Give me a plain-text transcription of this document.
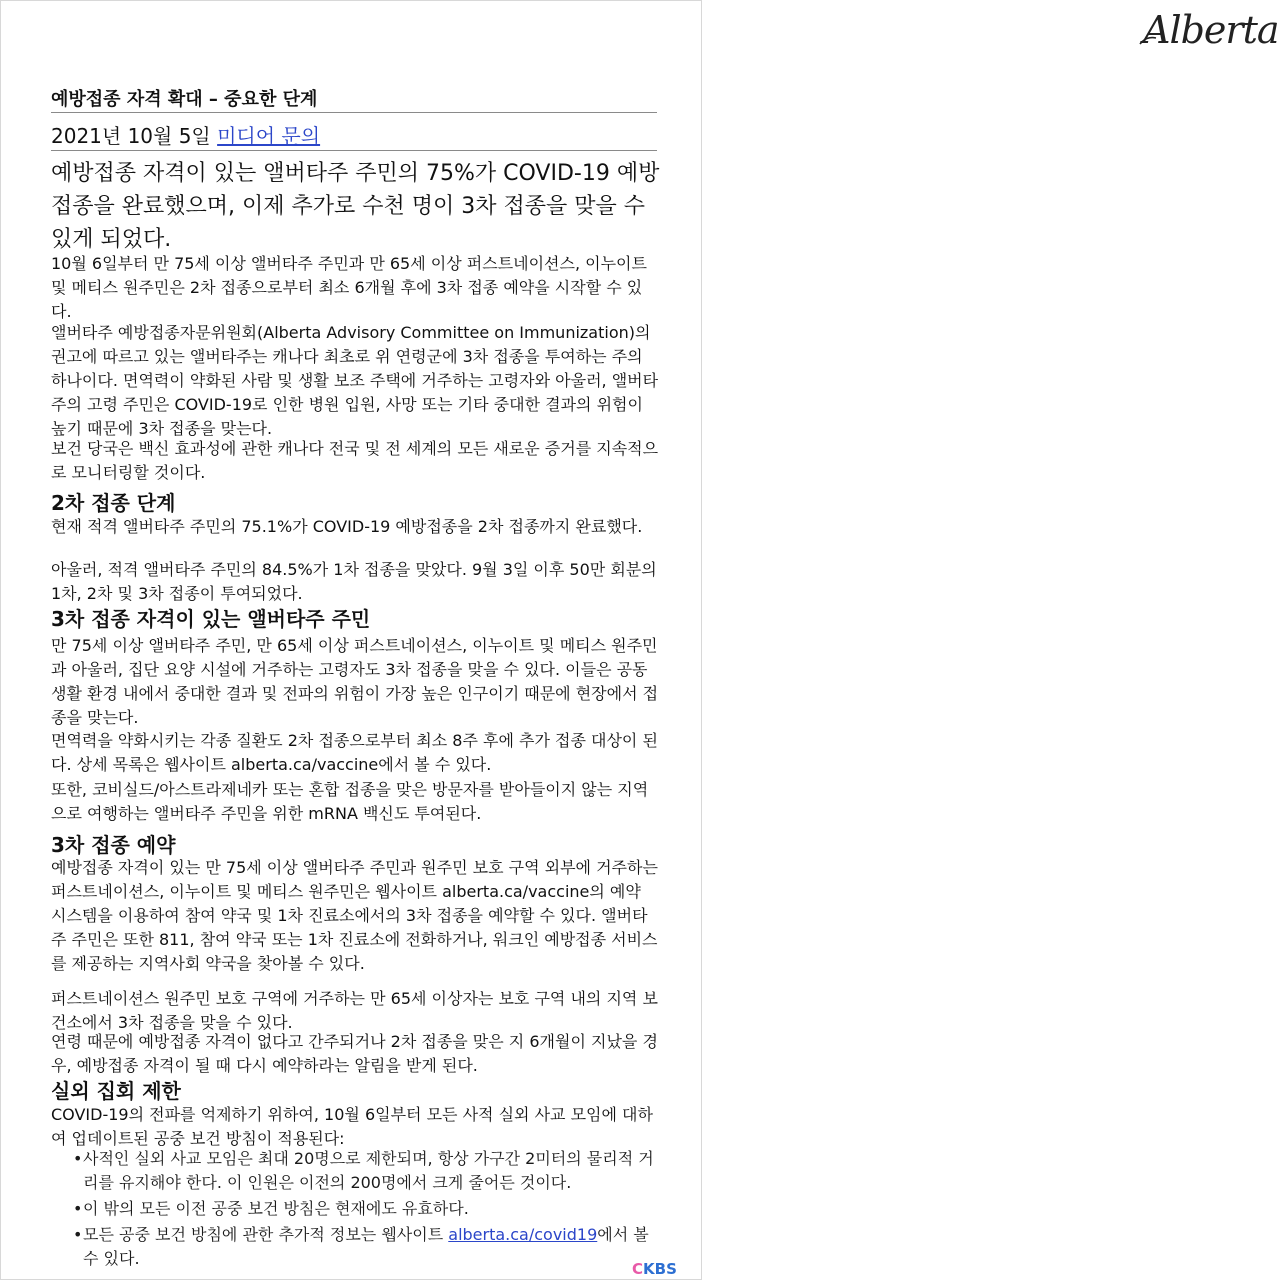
Alberta
예방접종 자격 확대 – 중요한 단계
2021년 10월 5일 미디어 문의
예방접종 자격이 있는 앨버타주 주민의 75%가 COVID-19 예방접종을 완료했으며, 이제 추가로 수천 명이 3차 접종을 맞을 수 있게 되었다.
10월 6일부터 만 75세 이상 앨버타주 주민과 만 65세 이상 퍼스트네이션스, 이누이트 및 메티스 원주민은 2차 접종으로부터 최소 6개월 후에 3차 접종 예약을 시작할 수 있다.
앨버타주 예방접종자문위원회(Alberta Advisory Committee on Immunization)의 권고에 따르고 있는 앨버타주는 캐나다 최초로 위 연령군에 3차 접종을 투여하는 주의 하나이다. 면역력이 약화된 사람 및 생활 보조 주택에 거주하는 고령자와 아울러, 앨버타주의 고령 주민은 COVID-19로 인한 병원 입원, 사망 또는 기타 중대한 결과의 위험이 높기 때문에 3차 접종을 맞는다.
보건 당국은 백신 효과성에 관한 캐나다 전국 및 전 세계의 모든 새로운 증거를 지속적으로 모니터링할 것이다.
2차 접종 단계
현재 적격 앨버타주 주민의 75.1%가 COVID-19 예방접종을 2차 접종까지 완료했다.
아울러, 적격 앨버타주 주민의 84.5%가 1차 접종을 맞았다. 9월 3일 이후 50만 회분의 1차, 2차 및 3차 접종이 투여되었다.
3차 접종 자격이 있는 앨버타주 주민
만 75세 이상 앨버타주 주민, 만 65세 이상 퍼스트네이션스, 이누이트 및 메티스 원주민과 아울러, 집단 요양 시설에 거주하는 고령자도 3차 접종을 맞을 수 있다. 이들은 공동 생활 환경 내에서 중대한 결과 및 전파의 위험이 가장 높은 인구이기 때문에 현장에서 접종을 맞는다.
면역력을 약화시키는 각종 질환도 2차 접종으로부터 최소 8주 후에 추가 접종 대상이 된다. 상세 목록은 웹사이트 alberta.ca/vaccine에서 볼 수 있다.
또한, 코비실드/아스트라제네카 또는 혼합 접종을 맞은 방문자를 받아들이지 않는 지역으로 여행하는 앨버타주 주민을 위한 mRNA 백신도 투여된다.
3차 접종 예약
예방접종 자격이 있는 만 75세 이상 앨버타주 주민과 원주민 보호 구역 외부에 거주하는 퍼스트네이션스, 이누이트 및 메티스 원주민은 웹사이트 alberta.ca/vaccine의 예약 시스템을 이용하여 참여 약국 및 1차 진료소에서의 3차 접종을 예약할 수 있다. 앨버타주 주민은 또한 811, 참여 약국 또는 1차 진료소에 전화하거나, 워크인 예방접종 서비스를 제공하는 지역사회 약국을 찾아볼 수 있다.
퍼스트네이션스 원주민 보호 구역에 거주하는 만 65세 이상자는 보호 구역 내의 지역 보건소에서 3차 접종을 맞을 수 있다.
연령 때문에 예방접종 자격이 없다고 간주되거나 2차 접종을 맞은 지 6개월이 지났을 경우, 예방접종 자격이 될 때 다시 예약하라는 알림을 받게 된다.
실외 집회 제한
COVID-19의 전파를 억제하기 위하여, 10월 6일부터 모든 사적 실외 사교 모임에 대하여 업데이트된 공중 보건 방침이 적용된다:
• 사적인 실외 사교 모임은 최대 20명으로 제한되며, 항상 가구간 2미터의 물리적 거리를 유지해야 한다. 이 인원은 이전의 200명에서 크게 줄어든 것이다.
• 이 밖의 모든 이전 공중 보건 방침은 현재에도 유효하다.
• 모든 공중 보건 방침에 관한 추가적 정보는 웹사이트 alberta.ca/covid19에서 볼 수 있다.
CKBS
